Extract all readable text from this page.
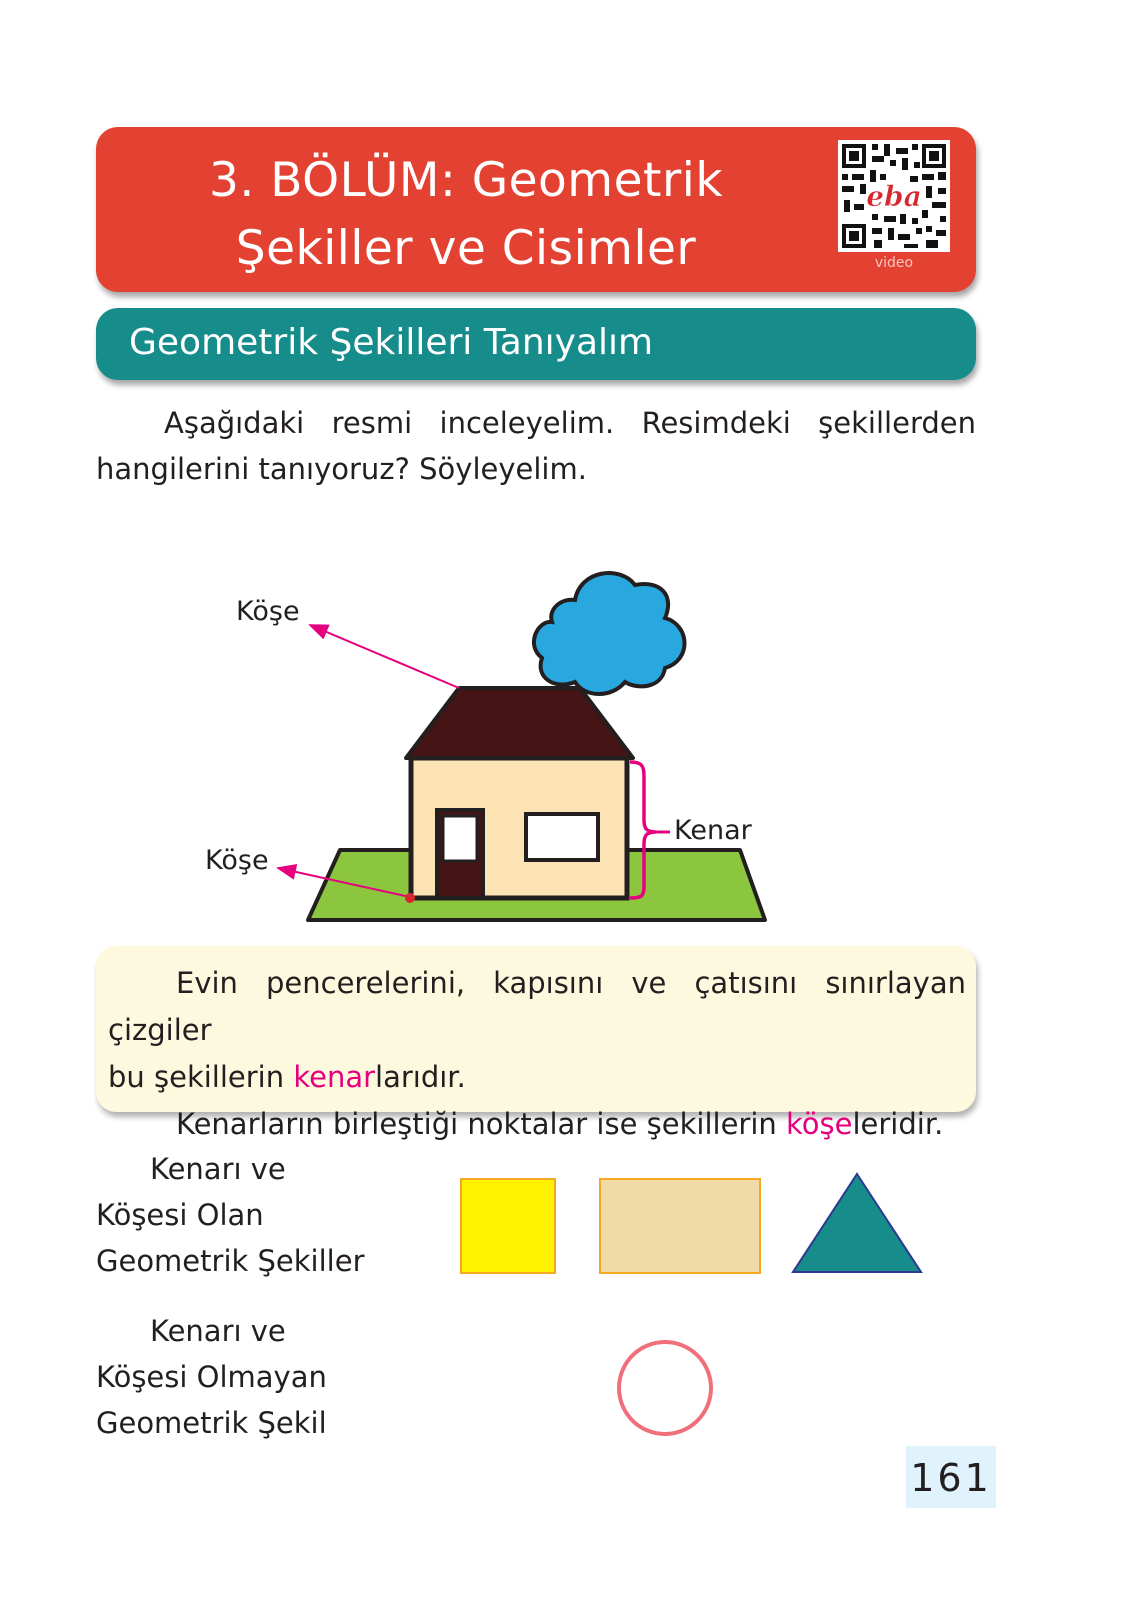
3. BÖLÜM: Geometrik
Şekiller ve Cisimler
eba
video
Geometrik Şekilleri Tanıyalım
Aşağıdaki resmi inceleyelim. Resimdeki şekillerden hangilerini tanıyoruz? Söyleyelim.
Köşe
Köşe
Kenar

Evin pencerelerini, kapısını ve çatısını sınırlayan çizgiler

bu şekillerin kenarlarıdır.

Kenarların birleştiği noktalar ise şekillerin köşeleridir.

Kenarı ve
Köşesi Olan
Geometrik Şekiller
Kenarı ve
Köşesi Olmayan
Geometrik Şekil
161
